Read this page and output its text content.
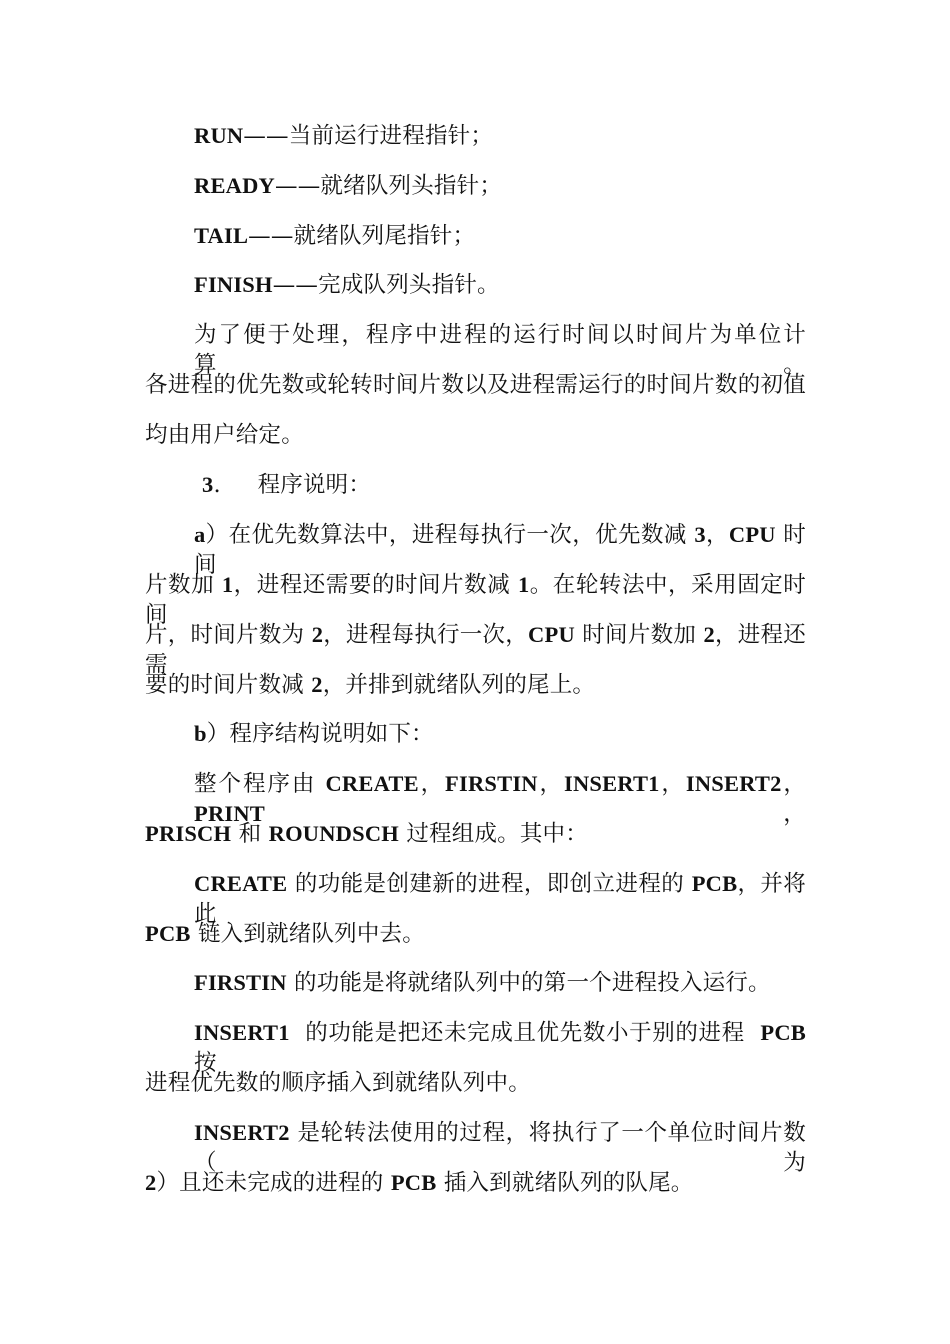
RUN——当前运行进程指针；
READY——就绪队列头指针；
TAIL——就绪队列尾指针；
FINISH——完成队列头指针。
为了便于处理，程序中进程的运行时间以时间片为单位计算。
各进程的优先数或轮转时间片数以及进程需运行的时间片数的初值
均由用户给定。
3.     程序说明：
a）在优先数算法中，进程每执行一次，优先数减 3，CPU 时间
片数加 1，进程还需要的时间片数减 1。在轮转法中，采用固定时间
片，时间片数为 2，进程每执行一次，CPU 时间片数加 2，进程还需
要的时间片数减 2，并排到就绪队列的尾上。
b）程序结构说明如下：
整个程序由 CREATE，FIRSTIN，INSERT1，INSERT2，PRINT，
PRISCH 和 ROUNDSCH 过程组成。其中：
CREATE 的功能是创建新的进程，即创立进程的 PCB，并将此
PCB 链入到就绪队列中去。
FIRSTIN 的功能是将就绪队列中的第一个进程投入运行。
INSERT1  的功能是把还未完成且优先数小于别的进程  PCB  按
进程优先数的顺序插入到就绪队列中。
INSERT2 是轮转法使用的过程，将执行了一个单位时间片数（为
2）且还未完成的进程的 PCB 插入到就绪队列的队尾。
